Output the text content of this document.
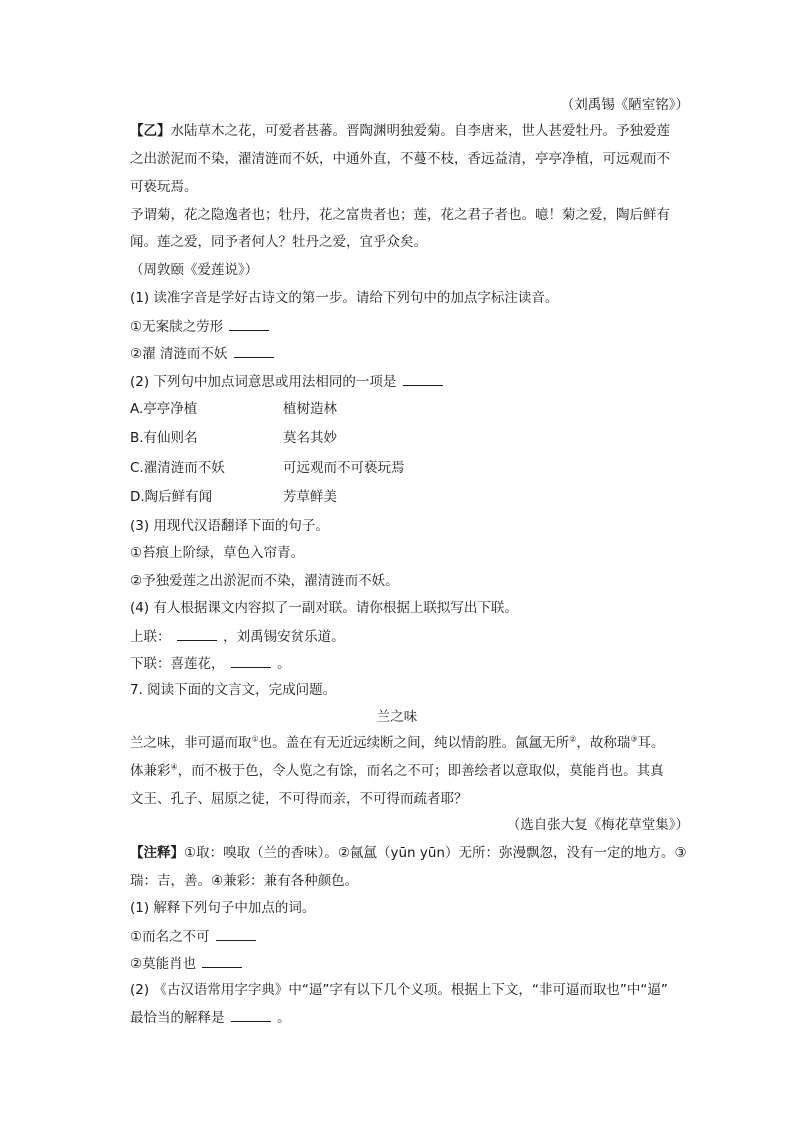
（刘禹锡《陋室铭》）
【乙】水陆草木之花，可爱者甚蕃。晋陶渊明独爱菊。自李唐来，世人甚爱牡丹。予独爱莲
之出淤泥而不染，濯清涟而不妖，中通外直，不蔓不枝，香远益清，亭亭净植，可远观而不
可亵玩焉。
予谓菊，花之隐逸者也；牡丹，花之富贵者也；莲，花之君子者也。噫！菊之爱，陶后鲜有
闻。莲之爱，同予者何人？牡丹之爱，宜乎众矣。
（周敦颐《爱莲说》）
(1) 读准字音是学好古诗文的第一步。请给下列句中的加点字标注读音。
①无案牍之劳形
②濯 清涟而不妖
(2) 下列句中加点词意思或用法相同的一项是
A.亭亭净植	植树造林
B.有仙则名	莫名其妙
C.濯清涟而不妖	可远观而不可亵玩焉
D.陶后鲜有闻	芳草鲜美
(3) 用现代汉语翻译下面的句子。
①苔痕上阶绿，草色入帘青。
②予独爱莲之出淤泥而不染，濯清涟而不妖。
(4) 有人根据课文内容拟了一副对联。请你根据上联拟写出下联。
上联：	，刘禹锡安贫乐道。
下联：喜莲花，	。
7. 阅读下面的文言文，完成问题。
兰之味
兰之味，非可逼而取①也。盖在有无近远续断之间，纯以情韵胜。氤氲无所②，故称瑞③耳。
体兼彩④，而不极于色，令人览之有馀，而名之不可；即善绘者以意取似，莫能肖也。其真
文王、孔子、屈原之徒，不可得而亲，不可得而疏者耶？
（选自张大复《梅花草堂集》）
【注释】①取：嗅取（兰的香味）。②氤氲（yūn yūn）无所：弥漫飘忽，没有一定的地方。③
瑞：吉，善。④兼彩：兼有各种颜色。
(1) 解释下列句子中加点的词。
①而名之不可
②莫能肖也
(2) 《古汉语常用字字典》中“逼”字有以下几个义项。根据上下文，“非可逼而取也”中“逼”
最恰当的解释是	。
